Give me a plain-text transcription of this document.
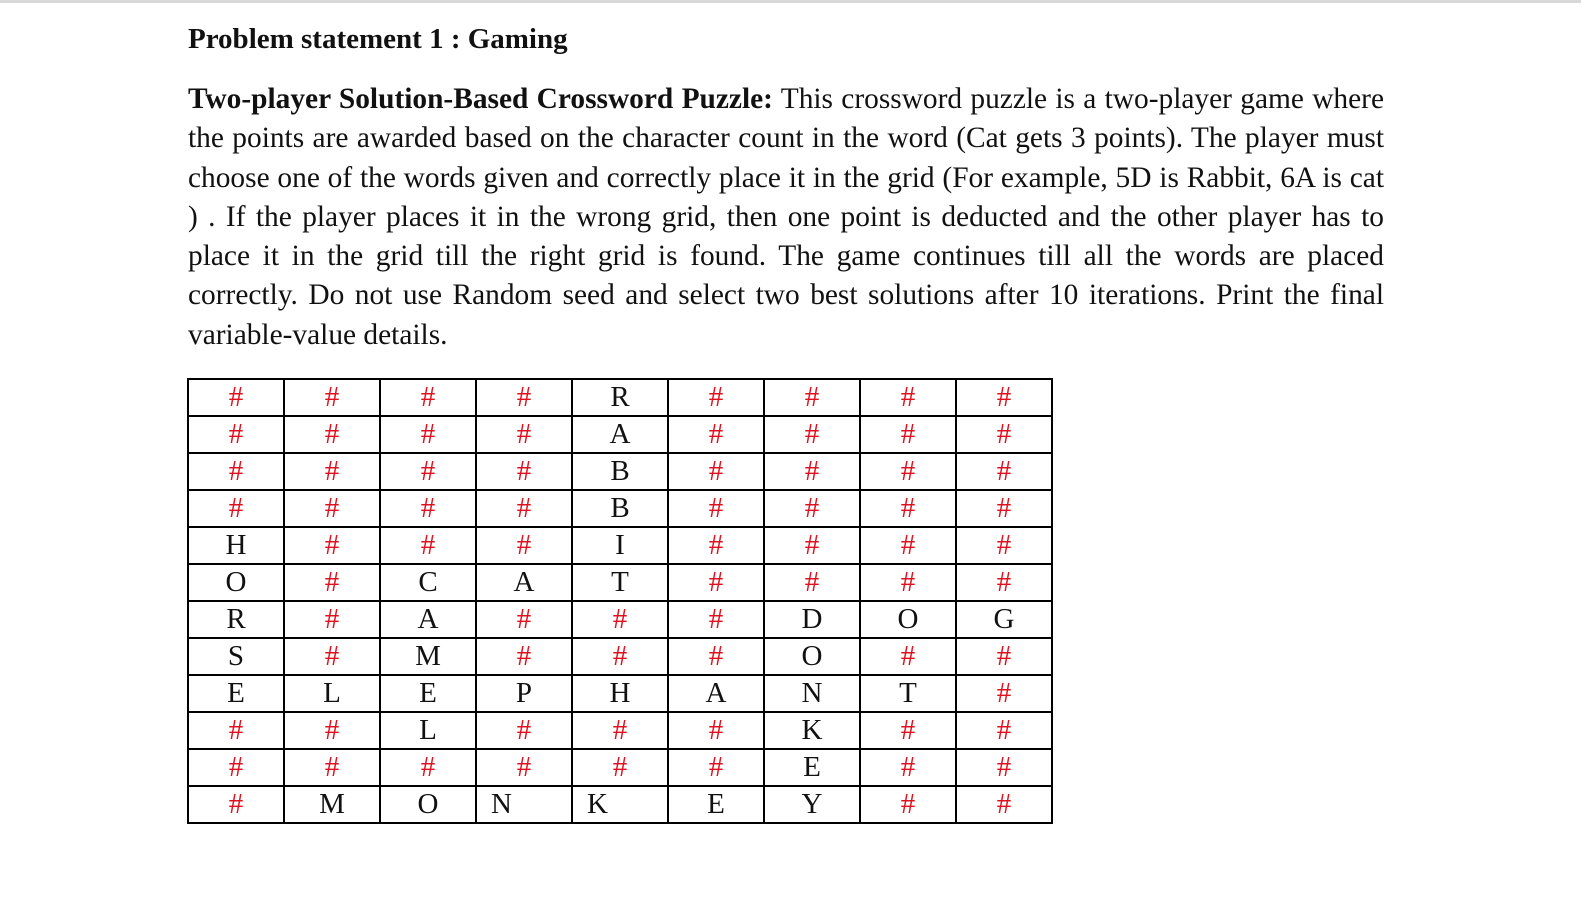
Problem statement 1 : Gaming

Two-player Solution-Based Crossword Puzzle: This crossword puzzle is a two-player game where the points are awarded based on the character count in the word (Cat gets 3 points). The player must choose one of the words given and correctly place it in the grid (For example, 5D is Rabbit, 6A is cat ) . If the player places it in the wrong grid, then one point is deducted and the other player has to place it in the grid till the right grid is found. The game continues till all the words are placed correctly. Do not use Random seed and select two best solutions after 10 iterations. Print the final variable-value details.

#	#	#	#	R	#	#	#	#
#	#	#	#	A	#	#	#	#
#	#	#	#	B	#	#	#	#
#	#	#	#	B	#	#	#	#
H	#	#	#	I	#	#	#	#
O	#	C	A	T	#	#	#	#
R	#	A	#	#	#	D	O	G
S	#	M	#	#	#	O	#	#
E	L	E	P	H	A	N	T	#
#	#	L	#	#	#	K	#	#
#	#	#	#	#	#	E	#	#
#	M	O	N	K	E	Y	#	#
